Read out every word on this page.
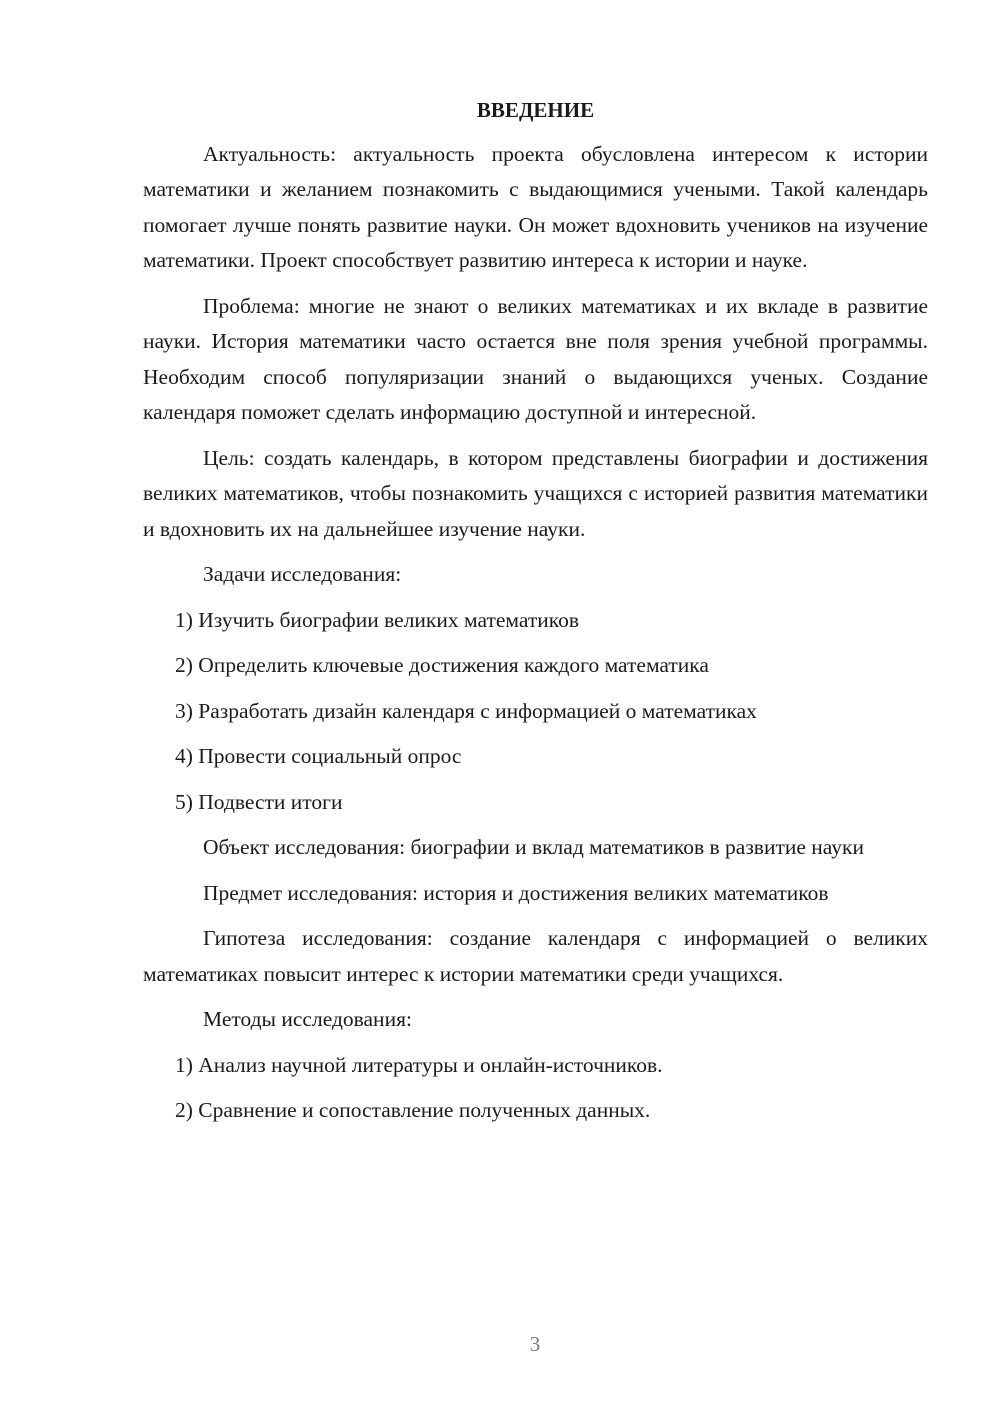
ВВЕДЕНИЕ

Актуальность: актуальность проекта обусловлена интересом к истории математики и желанием познакомить с выдающимися учеными. Такой календарь помогает лучше понять развитие науки. Он может вдохновить учеников на изучение математики. Проект способствует развитию интереса к истории и науке.

Проблема: многие не знают о великих математиках и их вкладе в развитие науки. История математики часто остается вне поля зрения учебной программы. Необходим способ популяризации знаний о выдающихся ученых. Создание календаря поможет сделать информацию доступной и интересной.

Цель: создать календарь, в котором представлены биографии и достижения великих математиков, чтобы познакомить учащихся с историей развития математики и вдохновить их на дальнейшее изучение науки.

Задачи исследования:
1) Изучить биографии великих математиков
2) Определить ключевые достижения каждого математика
3) Разработать дизайн календаря с информацией о математиках
4) Провести социальный опрос
5) Подвести итоги

Объект исследования: биографии и вклад математиков в развитие науки

Предмет исследования: история и достижения великих математиков

Гипотеза исследования: создание календаря с информацией о великих математиках повысит интерес к истории математики среди учащихся.

Методы исследования:
1) Анализ научной литературы и онлайн-источников.
2) Сравнение и сопоставление полученных данных.
3
